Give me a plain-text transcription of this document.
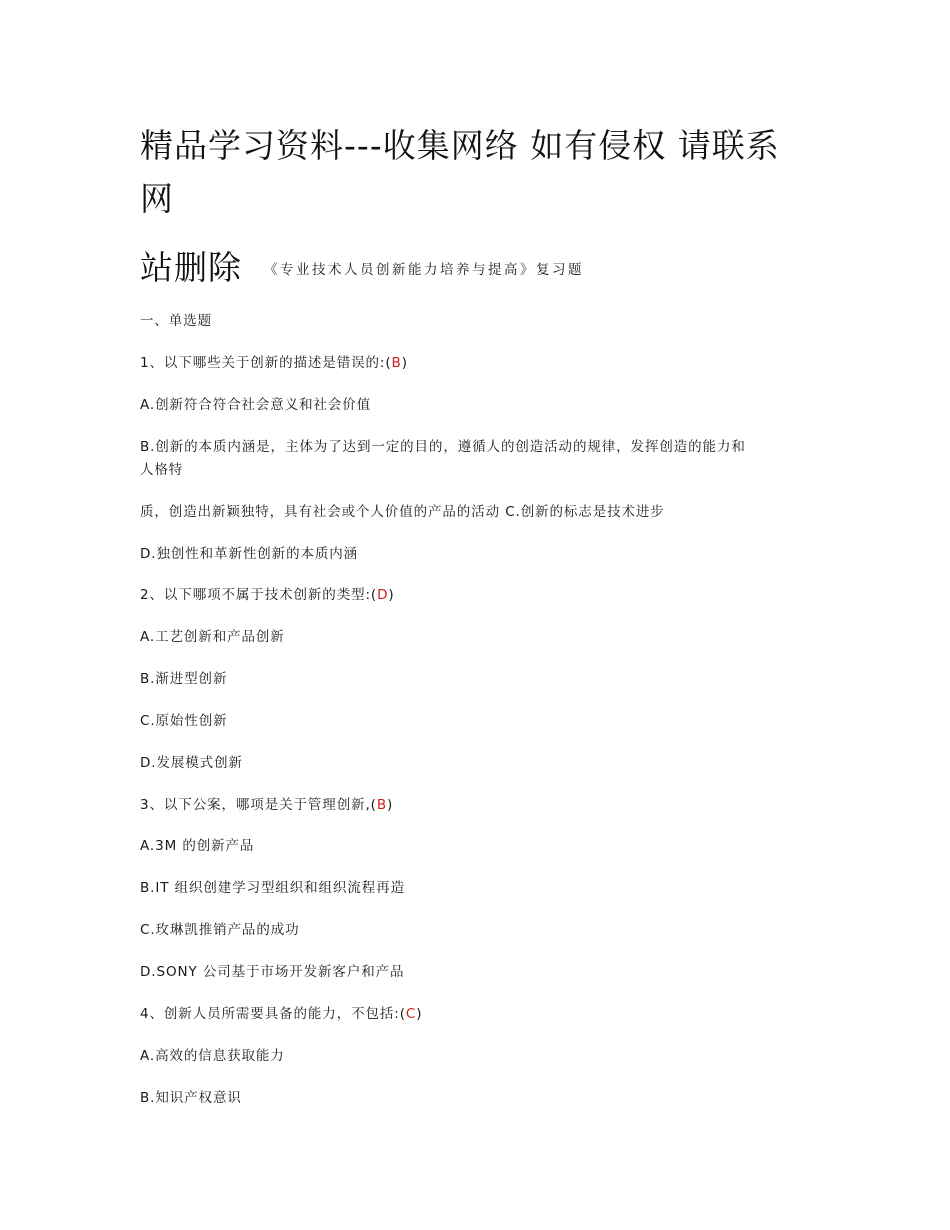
精品学习资料---收集网络 如有侵权 请联系
网
站删除 《专业技术人员创新能力培养与提高》复习题
一、单选题
1、以下哪些关于创新的描述是错误的:(B)
A.创新符合符合社会意义和社会价值
B.创新的本质内涵是，主体为了达到一定的目的，遵循人的创造活动的规律，发挥创造的能力和
人格特
质，创造出新颖独特，具有社会或个人价值的产品的活动 C.创新的标志是技术进步
D.独创性和革新性创新的本质内涵
2、以下哪项不属于技术创新的类型:(D)
A.工艺创新和产品创新
B.渐进型创新
C.原始性创新
D.发展模式创新
3、以下公案，哪项是关于管理创新,(B)
A.3M 的创新产品
B.IT 组织创建学习型组织和组织流程再造
C.玫琳凯推销产品的成功
D.SONY 公司基于市场开发新客户和产品
4、创新人员所需要具备的能力，不包括:(C)
A.高效的信息获取能力
B.知识产权意识
